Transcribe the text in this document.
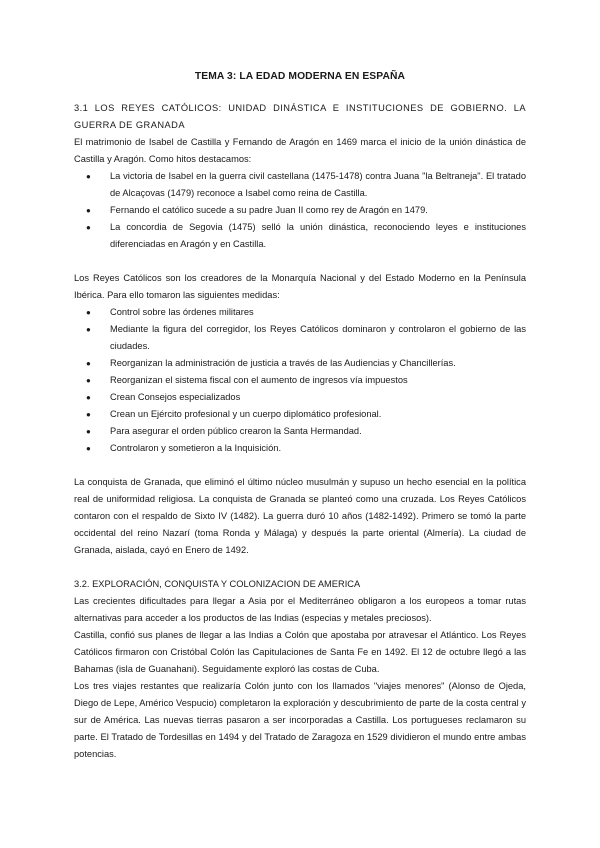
TEMA 3: LA EDAD MODERNA EN ESPAÑA

3.1 LOS REYES CATÓLICOS: UNIDAD DINÁSTICA E INSTITUCIONES DE GOBIERNO. LA GUERRA DE GRANADA

El matrimonio de Isabel de Castilla y Fernando de Aragón en 1469 marca el inicio de la unión dinástica de Castilla y Aragón. Como hitos destacamos:

● La victoria de Isabel en la guerra civil castellana (1475-1478) contra Juana "la Beltraneja". El tratado de Alcaçovas (1479) reconoce a Isabel como reina de Castilla.
● Fernando el católico sucede a su padre Juan II como rey de Aragón en 1479.
● La concordia de Segovia (1475) selló la unión dinástica, reconociendo leyes e instituciones diferenciadas en Aragón y en Castilla.

Los Reyes Católicos son los creadores de la Monarquía Nacional y del Estado Moderno en la Península Ibérica. Para ello tomaron las siguientes medidas:

● Control sobre las órdenes militares
● Mediante la figura del corregidor, los Reyes Católicos dominaron y controlaron el gobierno de las ciudades.
● Reorganizan la administración de justicia a través de las Audiencias y Chancillerías.
● Reorganizan el sistema fiscal con el aumento de ingresos vía impuestos
● Crean Consejos especializados
● Crean un Ejército profesional y un cuerpo diplomático profesional.
● Para asegurar el orden público crearon la Santa Hermandad.
● Controlaron y sometieron a la Inquisición.

La conquista de Granada, que eliminó el último núcleo musulmán y supuso un hecho esencial en la política real de uniformidad religiosa. La conquista de Granada se planteó como una cruzada. Los Reyes Católicos contaron con el respaldo de Sixto IV (1482). La guerra duró 10 años (1482-1492). Primero se tomó la parte occidental del reino Nazarí (toma Ronda y Málaga) y después la parte oriental (Almería). La ciudad de Granada, aislada, cayó en Enero de 1492.

3.2. EXPLORACIÓN, CONQUISTA Y COLONIZACION DE AMERICA

Las crecientes dificultades para llegar a Asia por el Mediterráneo obligaron a los europeos a tomar rutas alternativas para acceder a los productos de las Indias (especias y metales preciosos).

Castilla, confió sus planes de llegar a las Indias a Colón que apostaba por atravesar el Atlántico. Los Reyes Católicos firmaron con Cristóbal Colón las Capitulaciones de Santa Fe en 1492. El 12 de octubre llegó a las Bahamas (isla de Guanahani). Seguidamente exploró las costas de Cuba.

Los tres viajes restantes que realizaría Colón junto con los llamados "viajes menores" (Alonso de Ojeda, Diego de Lepe, Américo Vespucio) completaron la exploración y descubrimiento de parte de la costa central y sur de América. Las nuevas tierras pasaron a ser incorporadas a Castilla. Los portugueses reclamaron su parte. El Tratado de Tordesillas en 1494 y del Tratado de Zaragoza en 1529 dividieron el mundo entre ambas potencias.
